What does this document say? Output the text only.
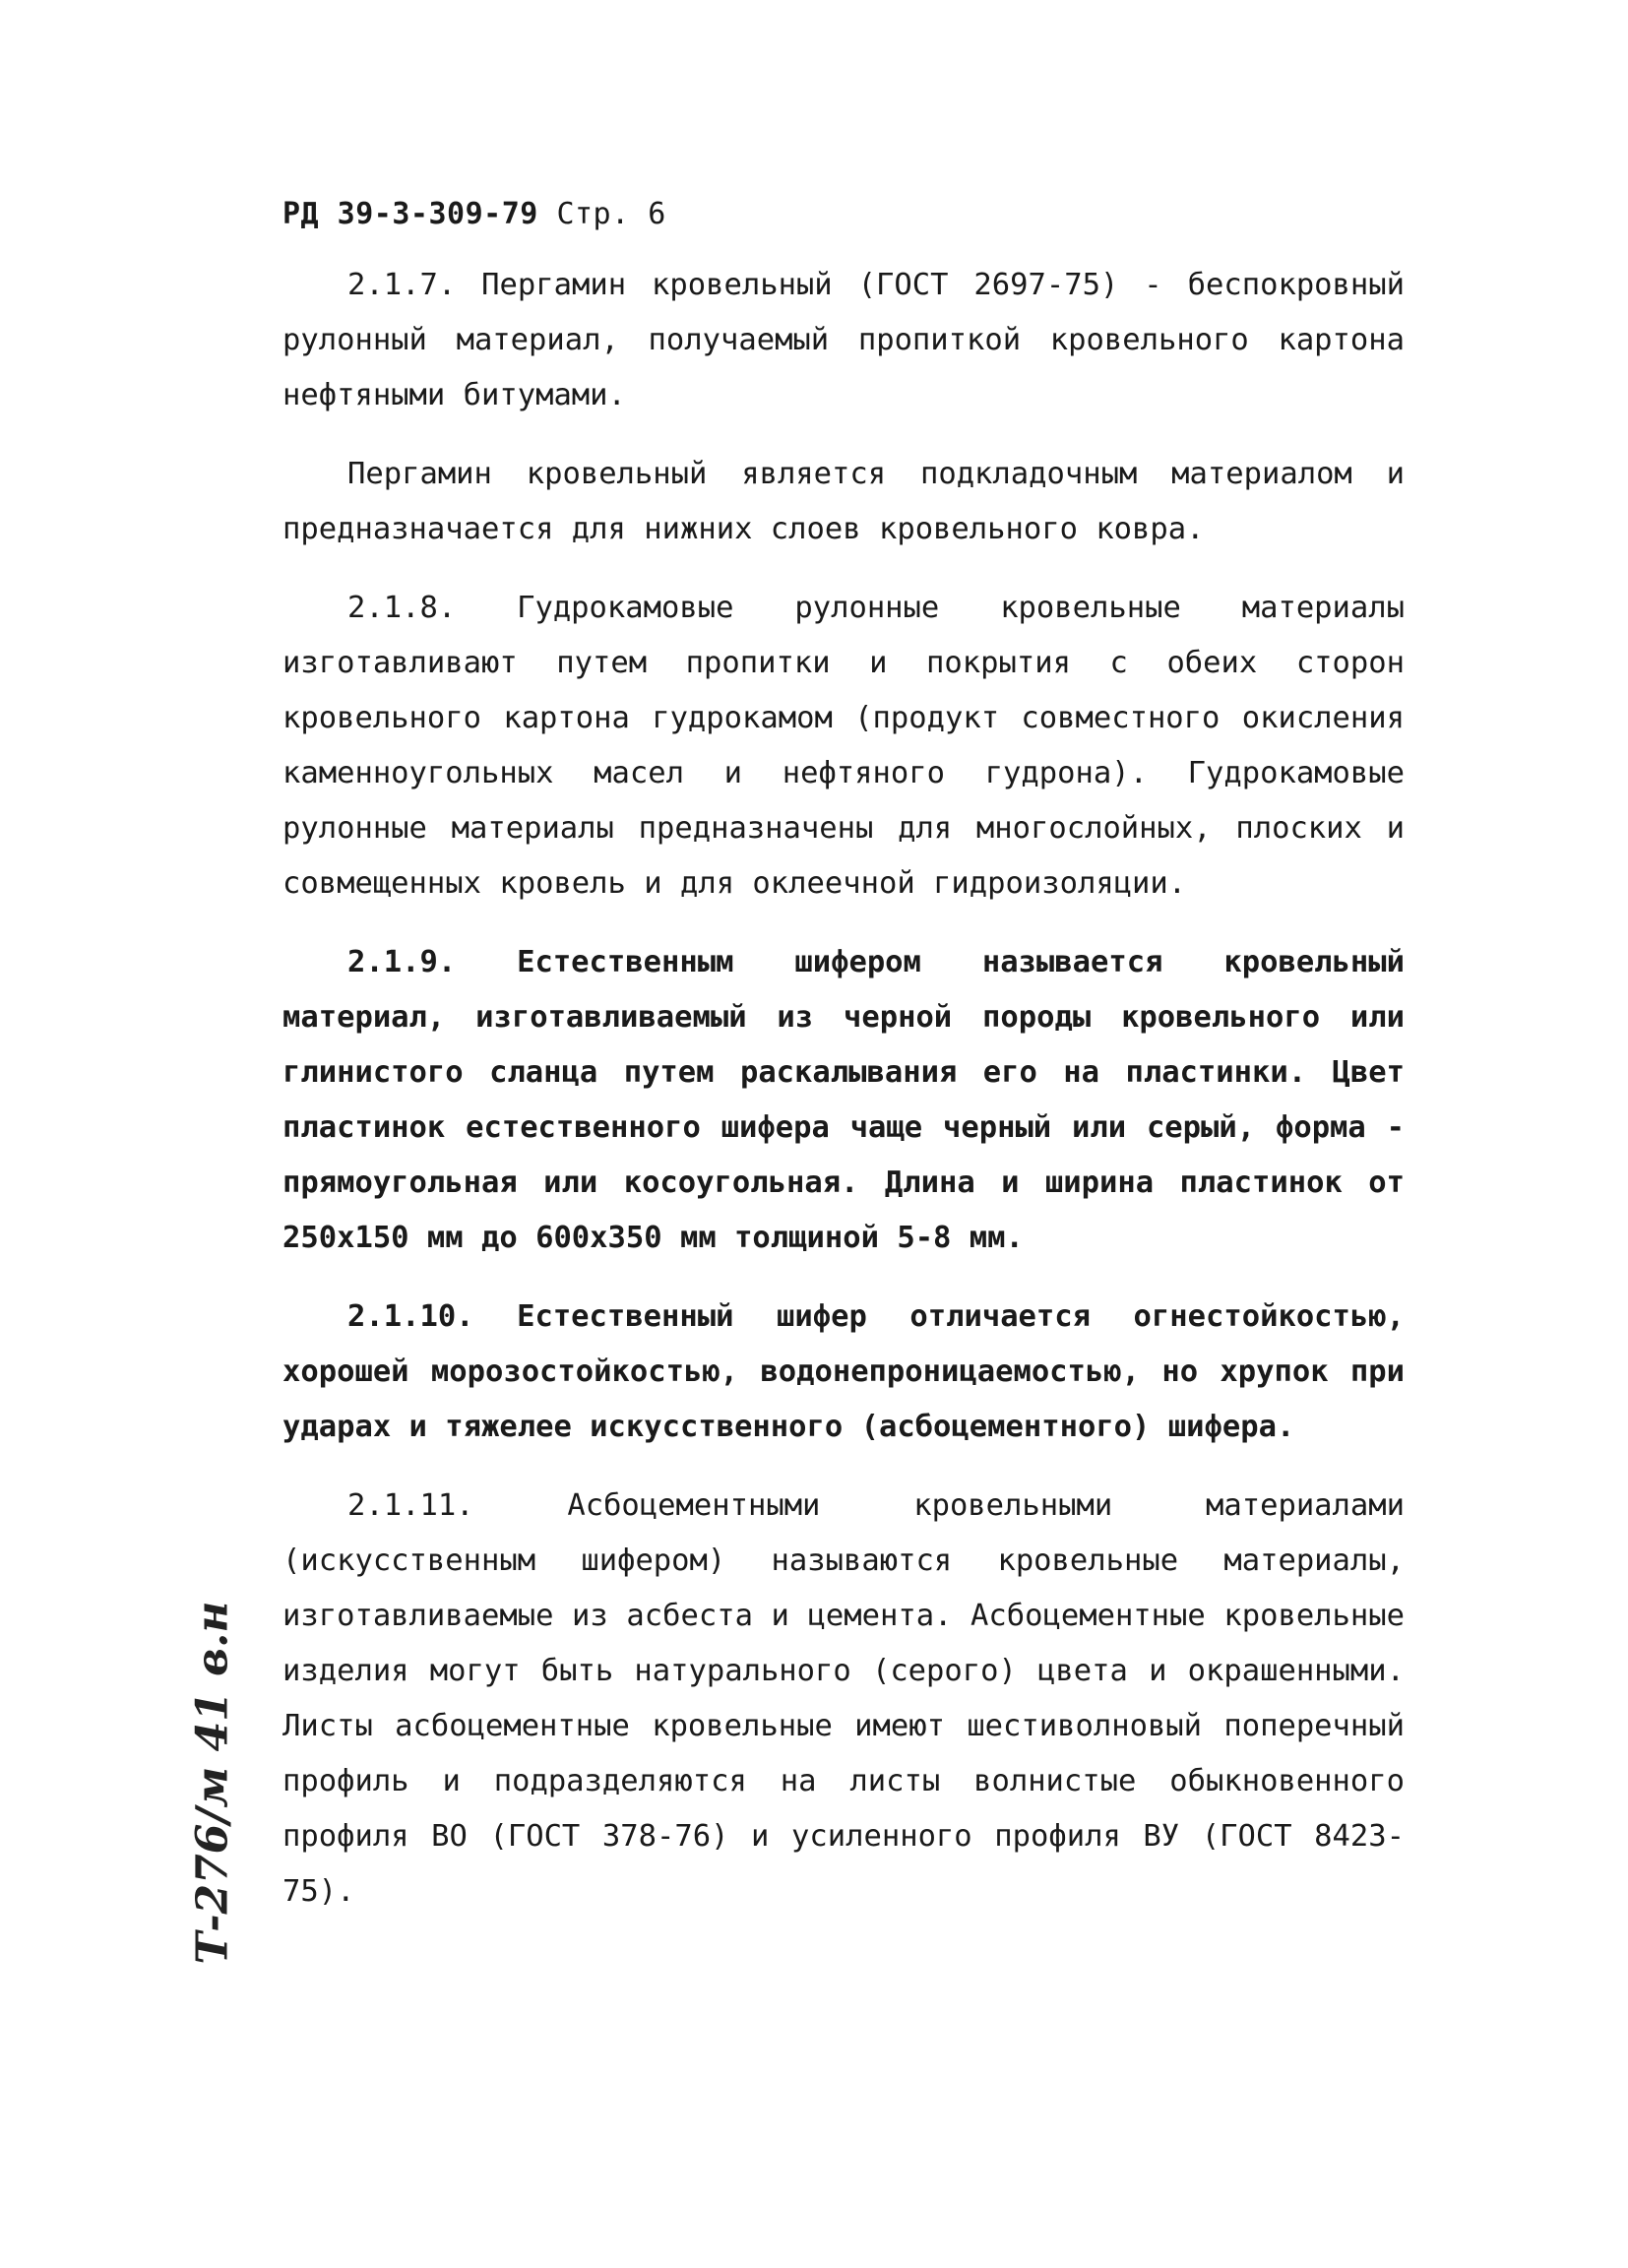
РД 39-3-309-79 Стр. 6

2.1.7. Пергамин кровельный (ГОСТ 2697-75) - беспокровный рулонный материал, получаемый пропиткой кровельного картона нефтяными битумами.

Пергамин кровельный является подкладочным материалом и предназначается для нижних слоев кровельного ковра.

2.1.8. Гудрокамовые рулонные кровельные материалы изготавливают путем пропитки и покрытия с обеих сторон кровельного картона гудрокамом (продукт совместного окисления каменноугольных масел и нефтяного гудрона). Гудрокамовые рулонные материалы предназначены для многослойных, плоских и совмещенных кровель и для оклеечной гидроизоляции.

2.1.9. Естественным шифером называется кровельный материал, изготавливаемый из черной породы кровельного или глинистого сланца путем раскалывания его на пластинки. Цвет пластинок естественного шифера чаще черный или серый, форма - прямоугольная или косоугольная. Длина и ширина пластинок от 250х150 мм до 600х350 мм толщиной 5-8 мм.

2.1.10. Естественный шифер отличается огнестойкостью, хорошей морозостойкостью, водонепроницаемостью, но хрупок при ударах и тяжелее искусственного (асбоцементного) шифера.

2.1.11. Асбоцементными кровельными материалами (искусственным шифером) называются кровельные материалы, изготавливаемые из асбеста и цемента. Асбоцементные кровельные изделия могут быть натурального (серого) цвета и окрашенными. Листы асбоцементные кровельные имеют шестиволновый поперечный профиль и подразделяются на листы волнистые обыкновенного профиля ВО (ГОСТ 378-76) и усиленного профиля ВУ (ГОСТ 8423-75).

Т-276/м 41 в.н
